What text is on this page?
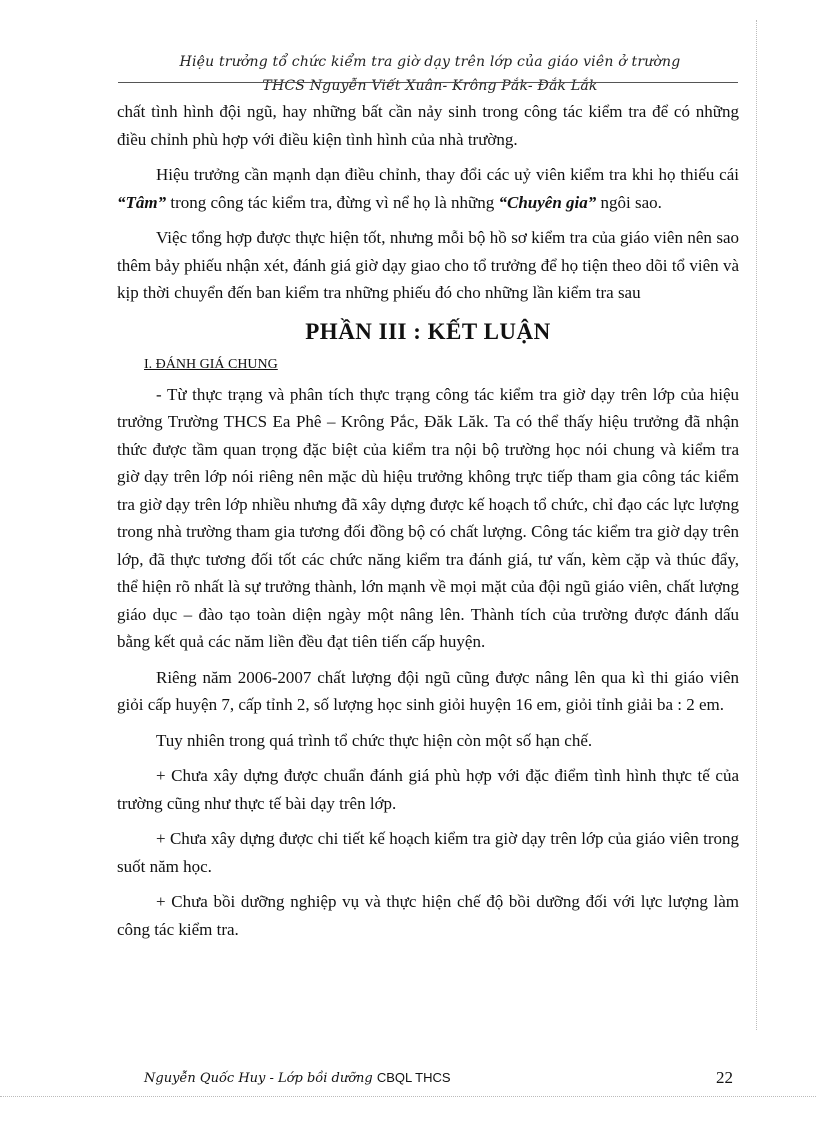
Hiệu trưởng tổ chức kiểm tra giờ dạy trên lớp của giáo viên ở trường
THCS Nguyễn Viết Xuân- Krông Pắk- Đắk Lắk

chất tình hình đội ngũ, hay những bất cần nảy sinh trong công tác kiểm tra để có những điều chỉnh phù hợp với điều kiện tình hình của nhà trường.

Hiệu trưởng cần mạnh dạn điều chỉnh, thay đổi các uỷ viên kiểm tra khi họ thiếu cái “Tâm” trong công tác kiểm tra, đừng vì nể họ là những “Chuyên gia” ngôi sao.

Việc tổng hợp được thực hiện tốt, nhưng mỗi bộ hồ sơ kiểm tra của giáo viên nên sao thêm bảy phiếu nhận xét, đánh giá giờ dạy giao cho tổ trưởng để họ tiện theo dõi tổ viên và kịp thời chuyển đến ban kiểm tra những phiếu đó cho những lần kiểm tra sau

PHẦN III : KẾT LUẬN
I. ĐÁNH GIÁ CHUNG

- Từ thực trạng và phân tích thực trạng công tác kiểm tra giờ dạy trên lớp của hiệu trưởng Trường THCS Ea Phê – Krông Pắc, Đăk Lăk. Ta có thể thấy hiệu trưởng đã nhận thức được tầm quan trọng đặc biệt của kiểm tra nội bộ trường học nói chung và kiểm tra giờ dạy trên lớp nói riêng nên mặc dù hiệu trưởng không trực tiếp tham gia công tác kiểm tra giờ dạy trên lớp nhiều nhưng đã xây dựng được kế hoạch tổ chức, chỉ đạo các lực lượng trong nhà trường tham gia tương đối đồng bộ có chất lượng. Công tác kiểm tra giờ dạy trên lớp, đã thực tương đối tốt các chức năng kiểm tra đánh giá, tư vấn, kèm cặp và thúc đẩy, thể hiện rõ nhất là sự trưởng thành, lớn mạnh về mọi mặt của đội ngũ giáo viên, chất lượng giáo dục – đào tạo toàn diện ngày một nâng lên. Thành tích của trường được đánh dấu bằng kết quả các năm liền đều đạt tiên tiến cấp huyện.

Riêng năm 2006-2007 chất lượng đội ngũ cũng được nâng lên qua kì thi giáo viên giỏi cấp huyện 7, cấp tỉnh 2, số lượng học sinh giỏi huyện 16 em, giỏi tỉnh giải ba : 2 em.

Tuy nhiên trong quá trình tổ chức thực hiện còn một số hạn chế.

+ Chưa xây dựng được chuẩn đánh giá phù hợp với đặc điểm tình hình thực tế của trường cũng như thực tế bài dạy trên lớp.

+ Chưa xây dựng được chi tiết kế hoạch kiểm tra giờ dạy trên lớp của giáo viên trong suốt năm học.

+ Chưa bồi dưỡng nghiệp vụ và thực hiện chế độ bồi dưỡng đối với lực lượng làm công tác kiểm tra.

Nguyễn Quốc Huy - Lớp bồi dưỡng CBQL THCS	22
